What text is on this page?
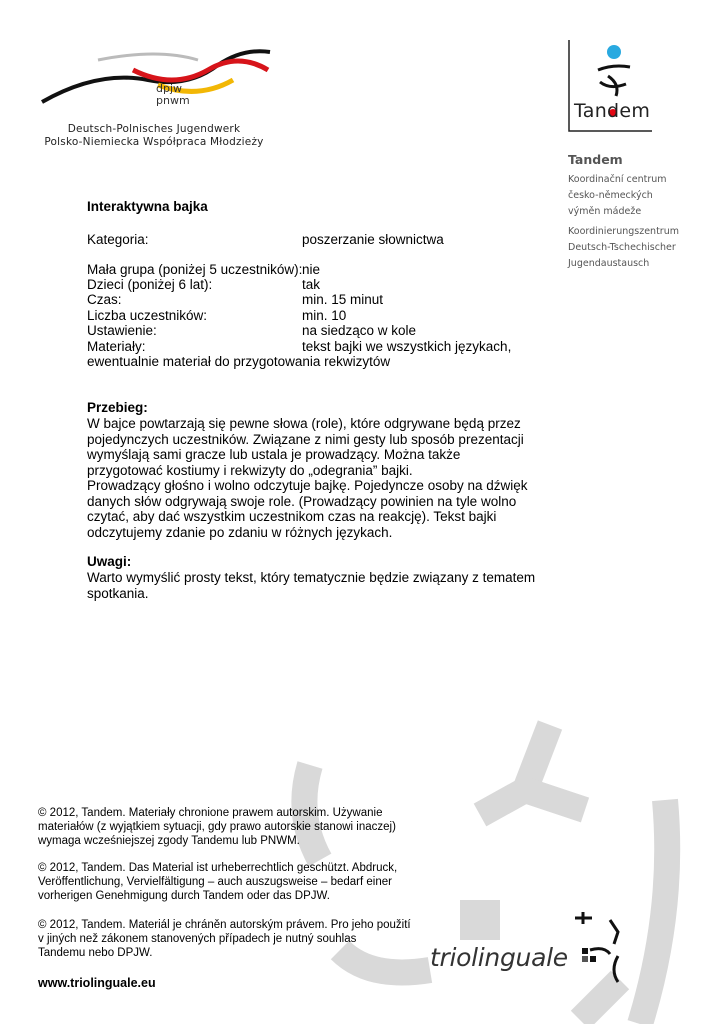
dpjw
pnwm
Deutsch-Polnisches Jugendwerk
Polsko-Niemiecka Współpraca Młodzieży
Tandem
Tandem
Koordinační centrum
česko-německých
výměn mádeže
Koordinierungszentrum
Deutsch-Tschechischer
Jugendaustausch
Interaktywna bajka
Kategoria:	poszerzanie słownictwa
Mała grupa (poniżej 5 uczestników): nie
Dzieci (poniżej 6 lat):	tak
Czas:	min. 15 minut
Liczba uczestników:	min. 10
Ustawienie:	na siedząco w kole
Materiały:	tekst bajki we wszystkich językach,
ewentualnie materiał do przygotowania rekwizytów
Przebieg:
W bajce powtarzają się pewne słowa (role), które odgrywane będą przez
pojedynczych uczestników. Związane z nimi gesty lub sposób prezentacji
wymyślają sami gracze lub ustala je prowadzący. Można także
przygotować kostiumy i rekwizyty do „odegrania” bajki.
Prowadzący głośno i wolno odczytuje bajkę. Pojedyncze osoby na dźwięk
danych słów odgrywają swoje role. (Prowadzący powinien na tyle wolno
czytać, aby dać wszystkim uczestnikom czas na reakcję). Tekst bajki
odczytujemy zdanie po zdaniu w różnych językach.
Uwagi:
Warto wymyślić prosty tekst, który tematycznie będzie związany z tematem
spotkania.
© 2012, Tandem. Materiały chronione prawem autorskim. Używanie
materiałów (z wyjątkiem sytuacji, gdy prawo autorskie stanowi inaczej)
wymaga wcześniejszej zgody Tandemu lub PNWM.
© 2012, Tandem. Das Material ist urheberrechtlich geschützt. Abdruck,
Veröffentlichung, Vervielfältigung – auch auszugsweise – bedarf einer
vorherigen Genehmigung durch Tandem oder das DPJW.
© 2012, Tandem. Materiál je chráněn autorským právem. Pro jeho použití
v jiných než zákonem stanovených případech je nutný souhlas
Tandemu nebo DPJW.
www.triolinguale.eu
triolinguale
